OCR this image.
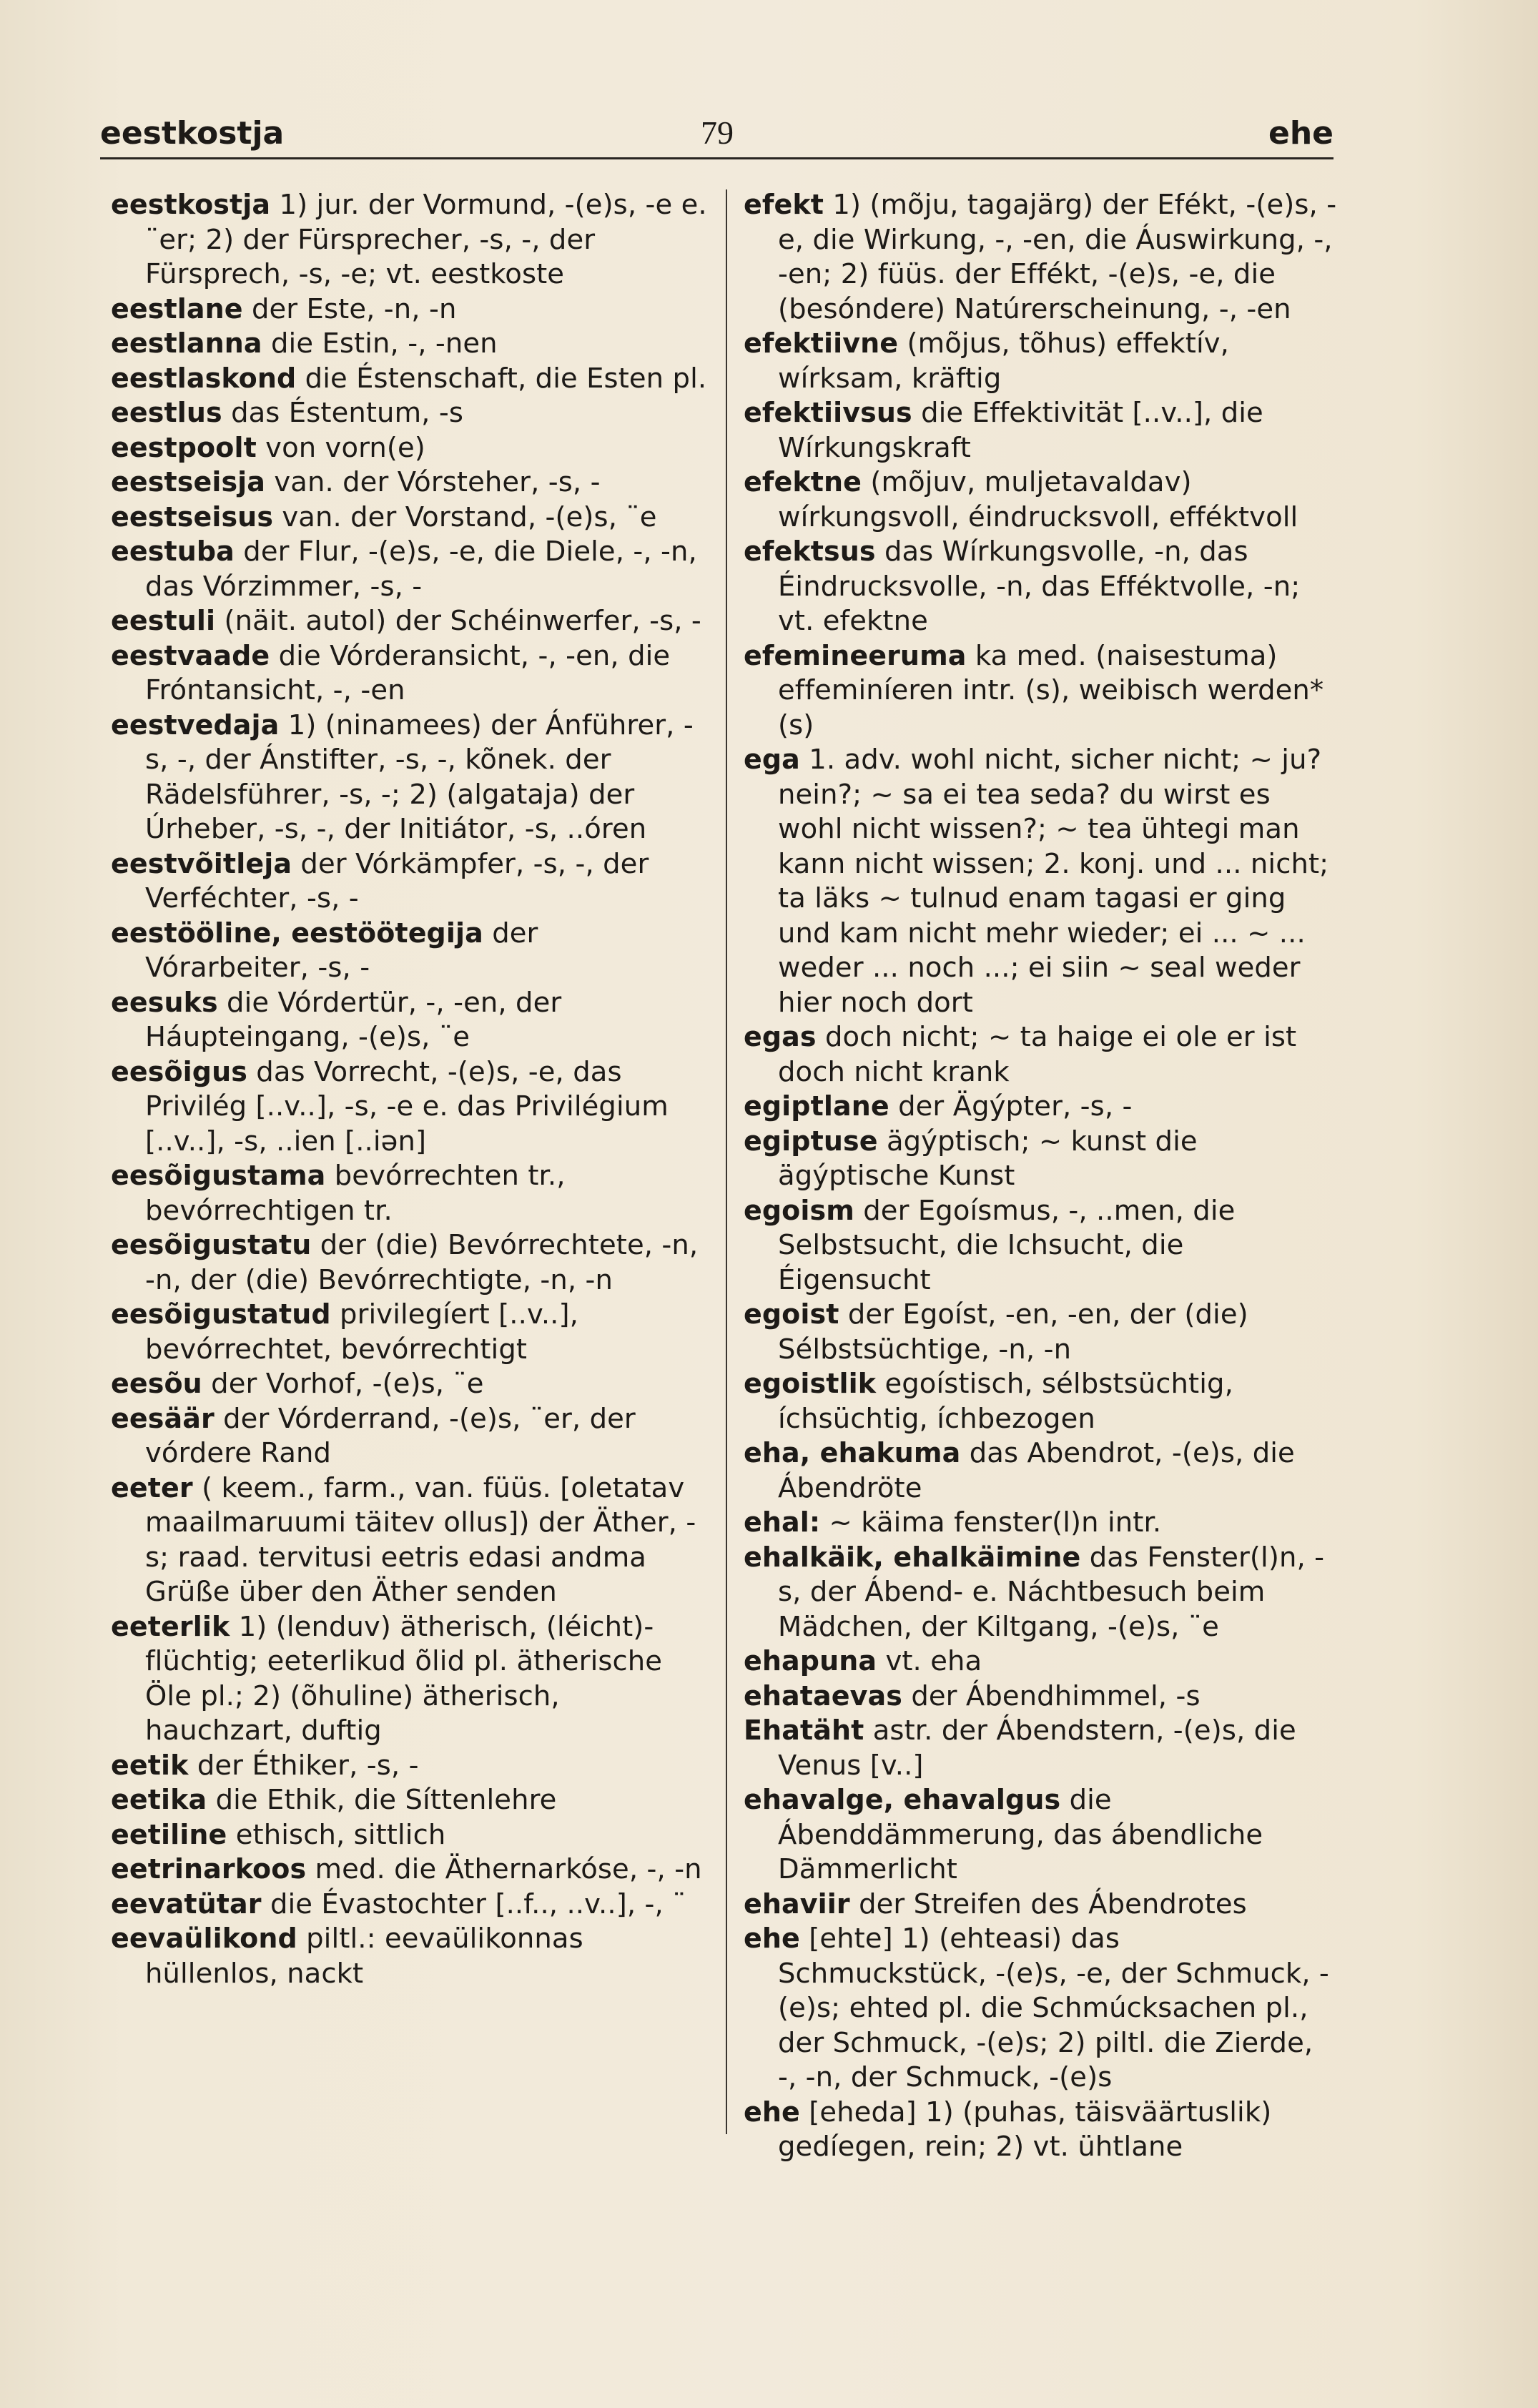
eestkostja	79	ehe

eestkostja 1) jur. der Vormund, -(e)s, -e e. ¨er; 2) der Fürsprecher, -s, -, der Fürsprech, -s, -e; vt. eestkoste

eestlane der Este, -n, -n

eestlanna die Estin, -, -nen

eestlaskond die Éstenschaft, die Esten pl.

eestlus das Éstentum, -s

eestpoolt von vorn(e)

eestseisja van. der Vórsteher, -s, -

eestseisus van. der Vorstand, -(e)s, ¨e

eestuba der Flur, -(e)s, -e, die Diele, -, -n, das Vórzimmer, -s, -

eestuli (näit. autol) der Schéinwerfer, -s, -

eestvaade die Vórderansicht, -, -en, die Fróntansicht, -, -en

eestvedaja 1) (ninamees) der Ánführer, -s, -, der Ánstifter, -s, -, kõnek. der Rädelsführer, -s, -; 2) (algataja) der Úrheber, -s, -, der Initiátor, -s, ..óren

eestvõitleja der Vórkämpfer, -s, -, der Verféchter, -s, -

eestööline, eestöötegija der Vórarbeiter, -s, -

eesuks die Vórdertür, -, -en, der Háupteingang, -(e)s, ¨e

eesõigus das Vorrecht, -(e)s, -e, das Privilég [..v..], -s, -e e. das Privilégium [..v..], -s, ..ien [..iən]

eesõigustama bevórrechten tr., bevórrechtigen tr.

eesõigustatu der (die) Bevórrechtete, -n, -n, der (die) Bevórrechtigte, -n, -n

eesõigustatud privilegíert [..v..], bevórrechtet, bevórrechtigt

eesõu der Vorhof, -(e)s, ¨e

eesäär der Vórderrand, -(e)s, ¨er, der vórdere Rand

eeter ( keem., farm., van. füüs. [oletatav maailmaruumi täitev ollus]) der Äther, -s; raad. tervitusi eetris edasi andma Grüße über den Äther senden

eeterlik 1) (lenduv) ätherisch, (léicht)-flüchtig; eeterlikud õlid pl. ätherische Öle pl.; 2) (õhuline) ätherisch, hauchzart, duftig

eetik der Éthiker, -s, -

eetika die Ethik, die Síttenlehre

eetiline ethisch, sittlich

eetrinarkoos med. die Äthernarkóse, -, -n

eevatütar die Évastochter [..f.., ..v..], -, ¨

eevaülikond piltl.: eevaülikonnas hüllenlos, nackt

efekt 1) (mõju, tagajärg) der Efékt, -(e)s, -e, die Wirkung, -, -en, die Áuswirkung, -, -en; 2) füüs. der Effékt, -(e)s, -e, die (besóndere) Natúrerscheinung, -, -en

efektiivne (mõjus, tõhus) effektív, wírksam, kräftig

efektiivsus die Effektivität [..v..], die Wírkungskraft

efektne (mõjuv, muljetavaldav) wírkungsvoll, éindrucksvoll, efféktvoll

efektsus das Wírkungsvolle, -n, das Éindrucksvolle, -n, das Efféktvolle, -n; vt. efektne

efemineeruma ka med. (naisestuma) effeminíeren intr. (s), weibisch werden* (s)

ega 1. adv. wohl nicht, sicher nicht; ~ ju? nein?; ~ sa ei tea seda? du wirst es wohl nicht wissen?; ~ tea ühtegi man kann nicht wissen; 2. konj. und ... nicht; ta läks ~ tulnud enam tagasi er ging und kam nicht mehr wieder; ei ... ~ ... weder ... noch ...; ei siin ~ seal weder hier noch dort

egas doch nicht; ~ ta haige ei ole er ist doch nicht krank

egiptlane der Ägýpter, -s, -

egiptuse ägýptisch; ~ kunst die ägýptische Kunst

egoism der Egoísmus, -, ..men, die Selbstsucht, die Ichsucht, die Éigensucht

egoist der Egoíst, -en, -en, der (die) Sélbstsüchtige, -n, -n

egoistlik egoístisch, sélbstsüchtig, íchsüchtig, íchbezogen

eha, ehakuma das Abendrot, -(e)s, die Ábendröte

ehal: ~ käima fenster(l)n intr.

ehalkäik, ehalkäimine das Fenster(l)n, -s, der Ábend- e. Náchtbesuch beim Mädchen, der Kiltgang, -(e)s, ¨e

ehapuna vt. eha

ehataevas der Ábendhimmel, -s

Ehatäht astr. der Ábendstern, -(e)s, die Venus [v..]

ehavalge, ehavalgus die Ábenddämmerung, das ábendliche Dämmerlicht

ehaviir der Streifen des Ábendrotes

ehe [ehte] 1) (ehteasi) das Schmuckstück, -(e)s, -e, der Schmuck, -(e)s; ehted pl. die Schmúcksachen pl., der Schmuck, -(e)s; 2) piltl. die Zierde, -, -n, der Schmuck, -(e)s

ehe [eheda] 1) (puhas, täisväärtuslik) gedíegen, rein; 2) vt. ühtlane
